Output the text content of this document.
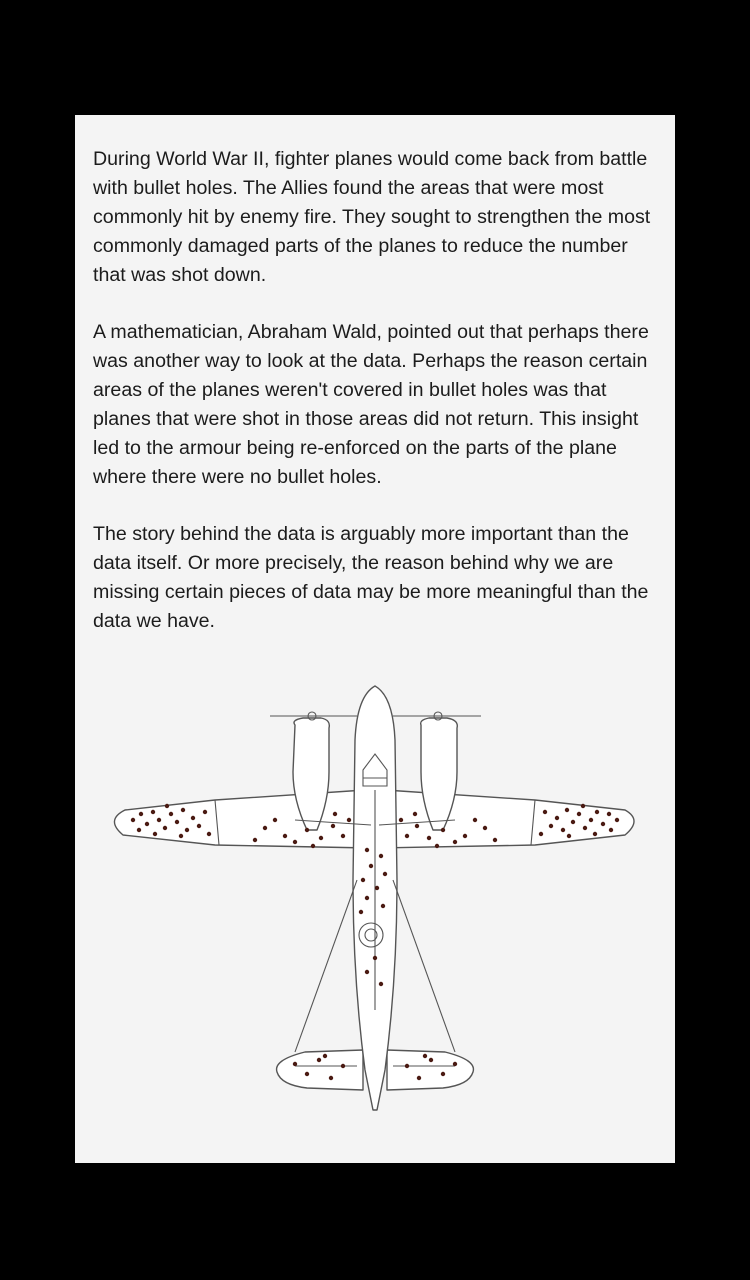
During World War II, fighter planes would come back from battle with bullet holes. The Allies found the areas that were most commonly hit by enemy fire. They sought to strengthen the most commonly damaged parts of the planes to reduce the number that was shot down.

A mathematician, Abraham Wald, pointed out that perhaps there was another way to look at the data. Perhaps the reason certain areas of the planes weren't covered in bullet holes was that planes that were shot in those areas did not return. This insight led to the armour being re-enforced on the parts of the plane where there were no bullet holes.

The story behind the data is arguably more important than the data itself. Or more precisely, the reason behind why we are missing certain pieces of data may be more meaningful than the data we have.
